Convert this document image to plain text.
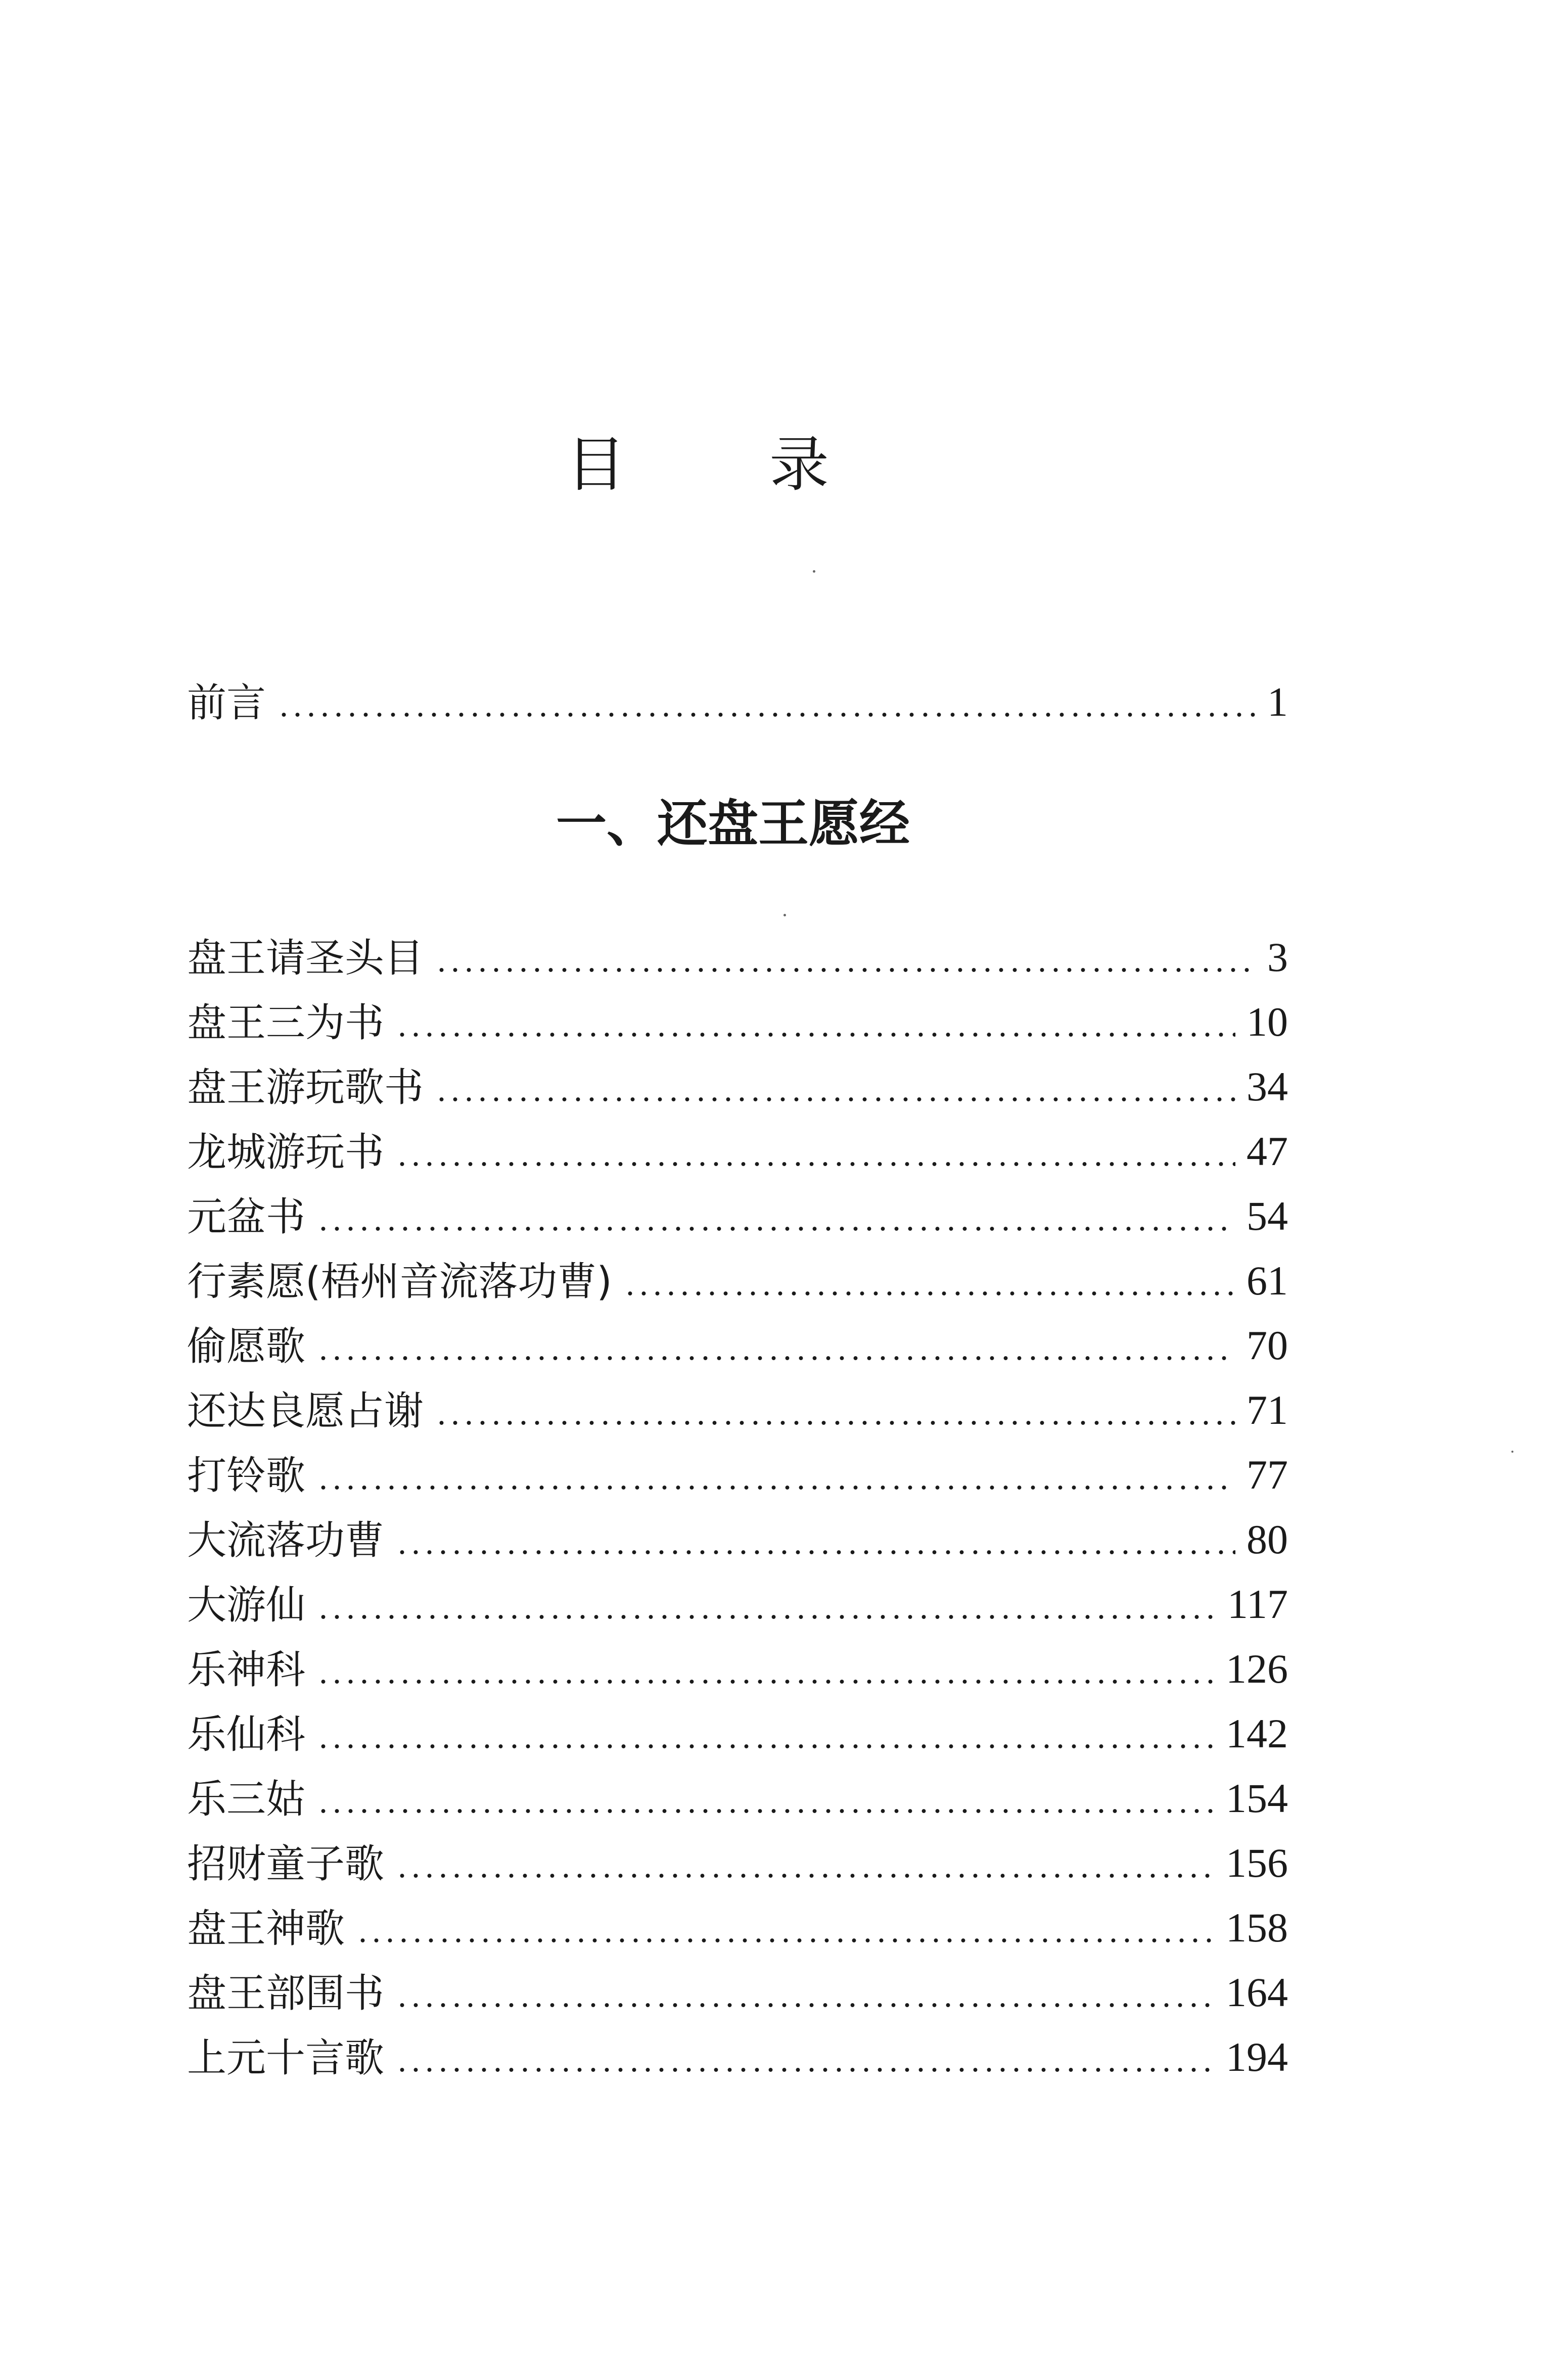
目 录
前言	1
一、还盘王愿经
盘王请圣头目	3
盘王三为书	10
盘王游玩歌书	34
龙城游玩书	47
元盆书	54
行素愿(梧州音流落功曹)	61
偷愿歌	70
还达良愿占谢	71
打铃歌	77
大流落功曹	80
大游仙	117
乐神科	126
乐仙科	142
乐三姑	154
招财童子歌	156
盘王神歌	158
盘王部围书	164
上元十言歌	194
